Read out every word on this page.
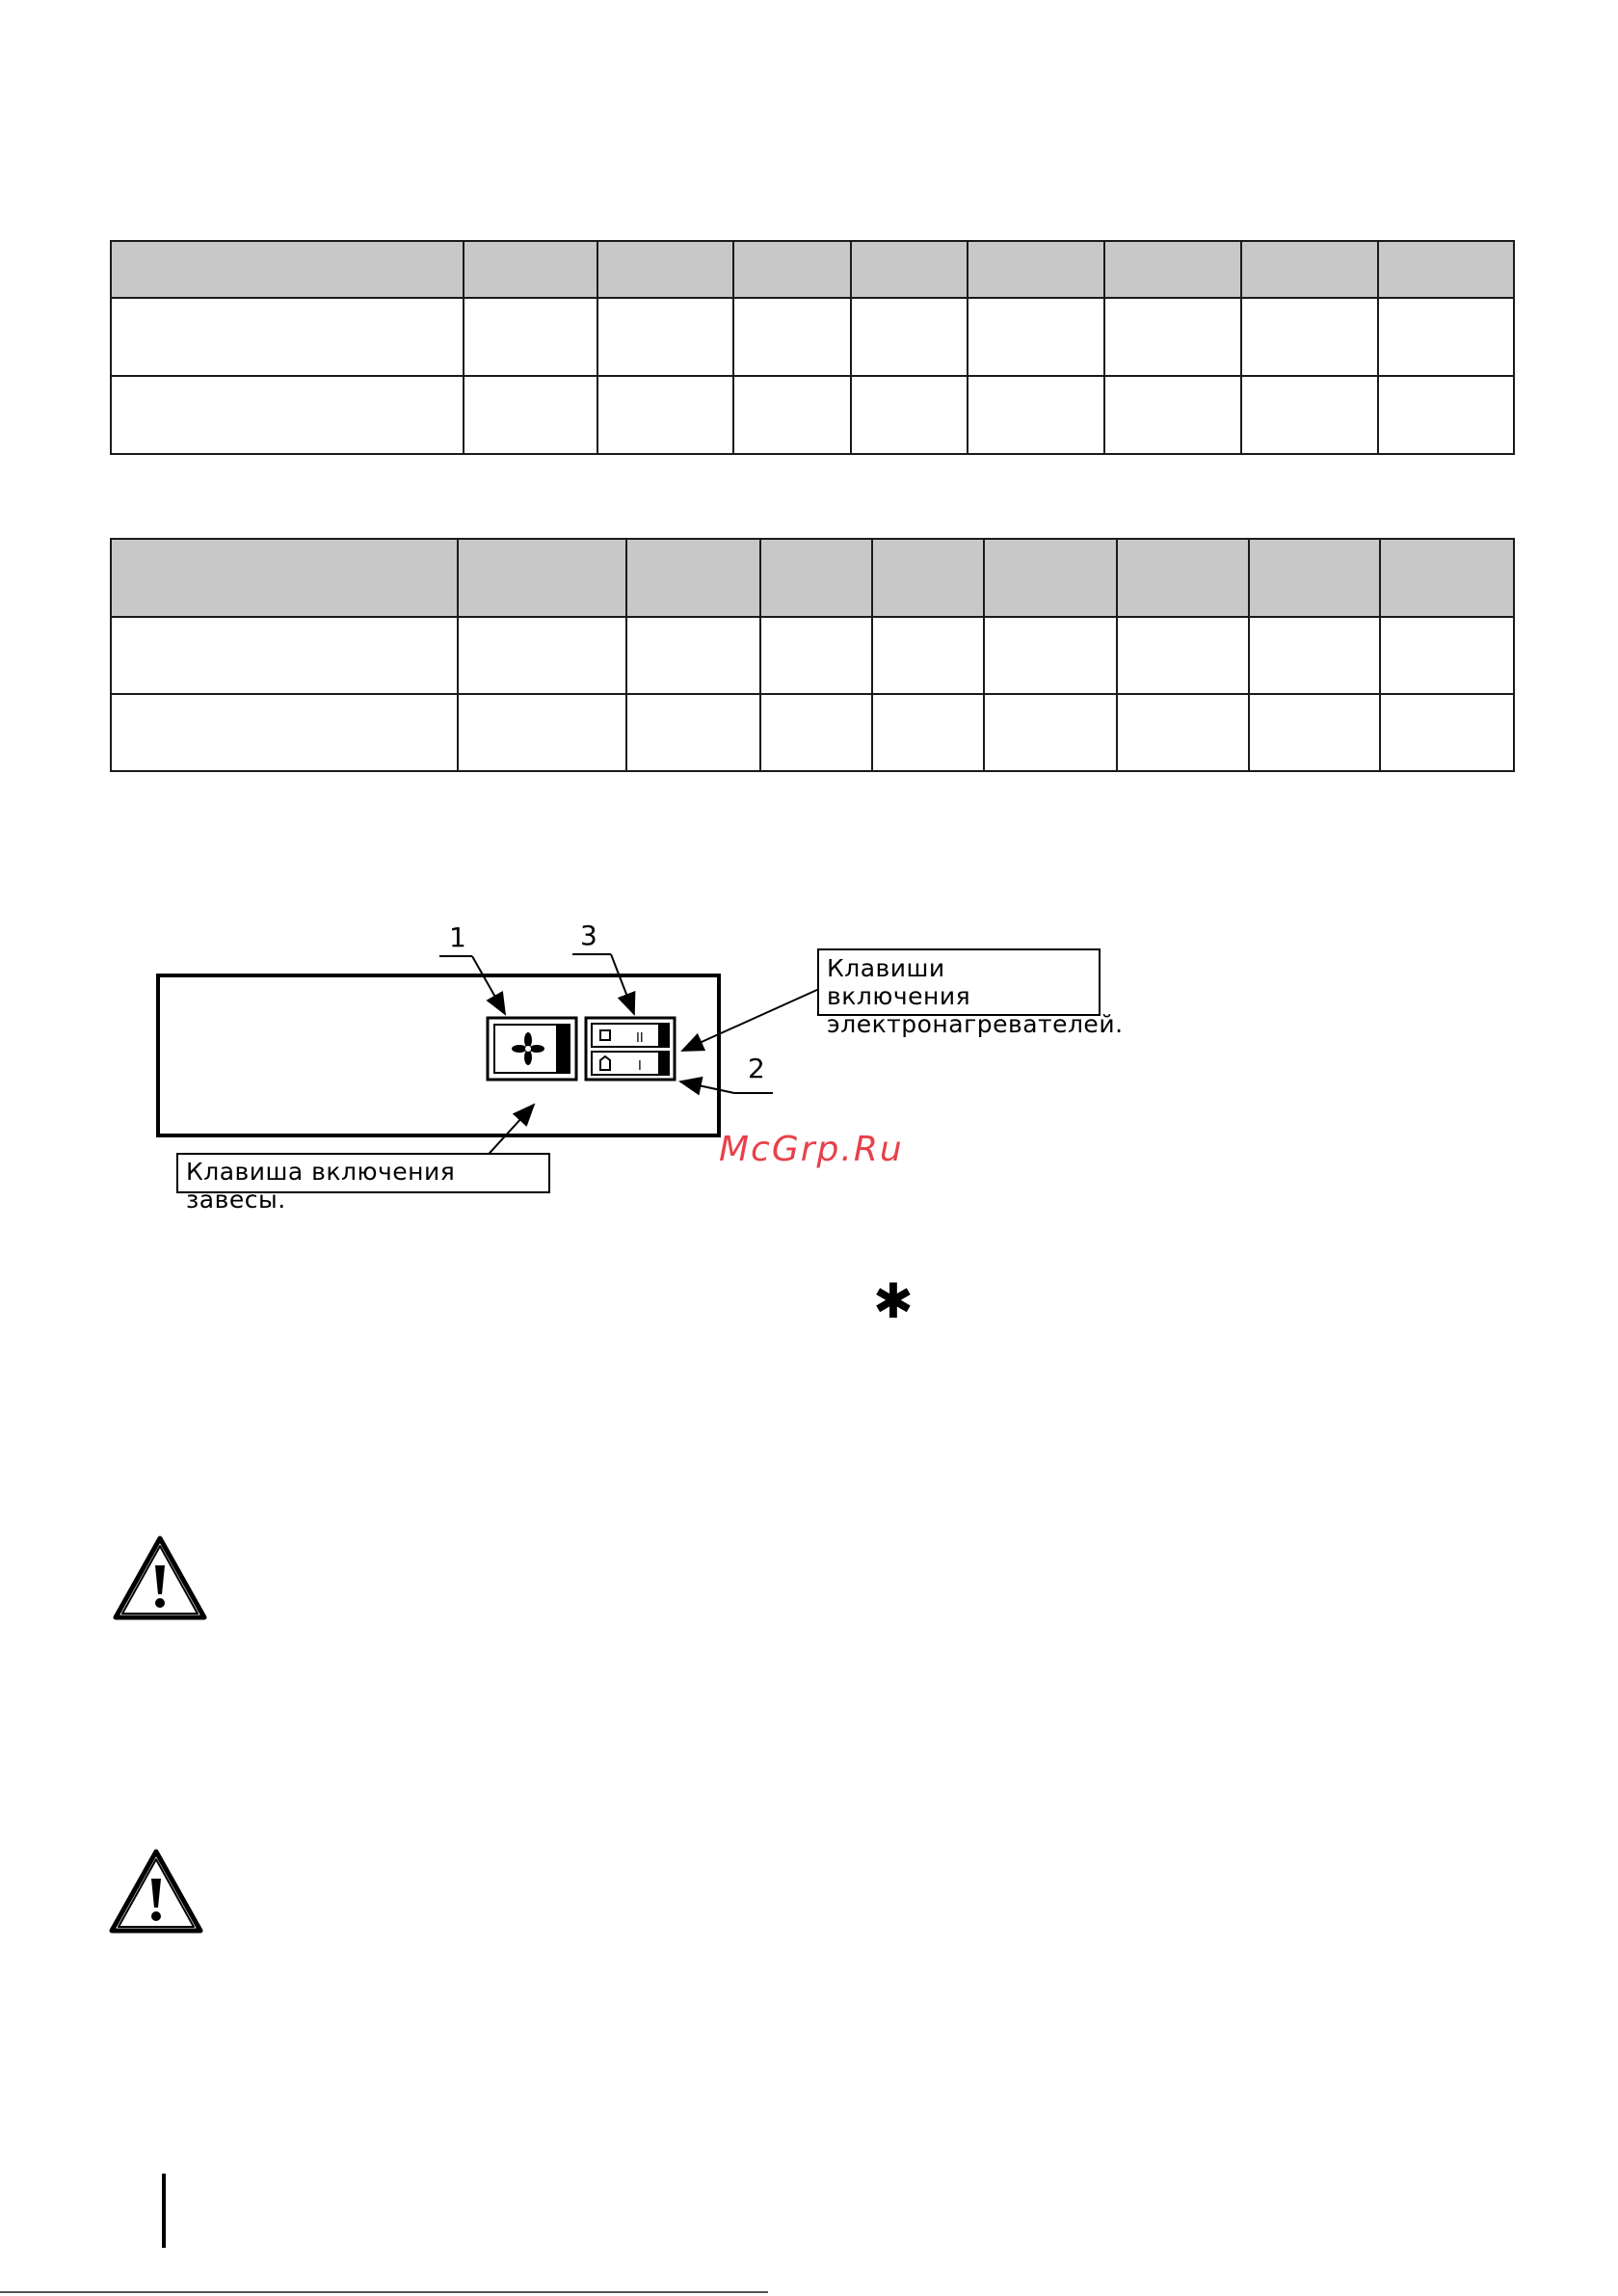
II
I
1	3
2
Клавиши включения
электронагревателей.
Клавиша включения завесы.
McGrp.Ru
✱
